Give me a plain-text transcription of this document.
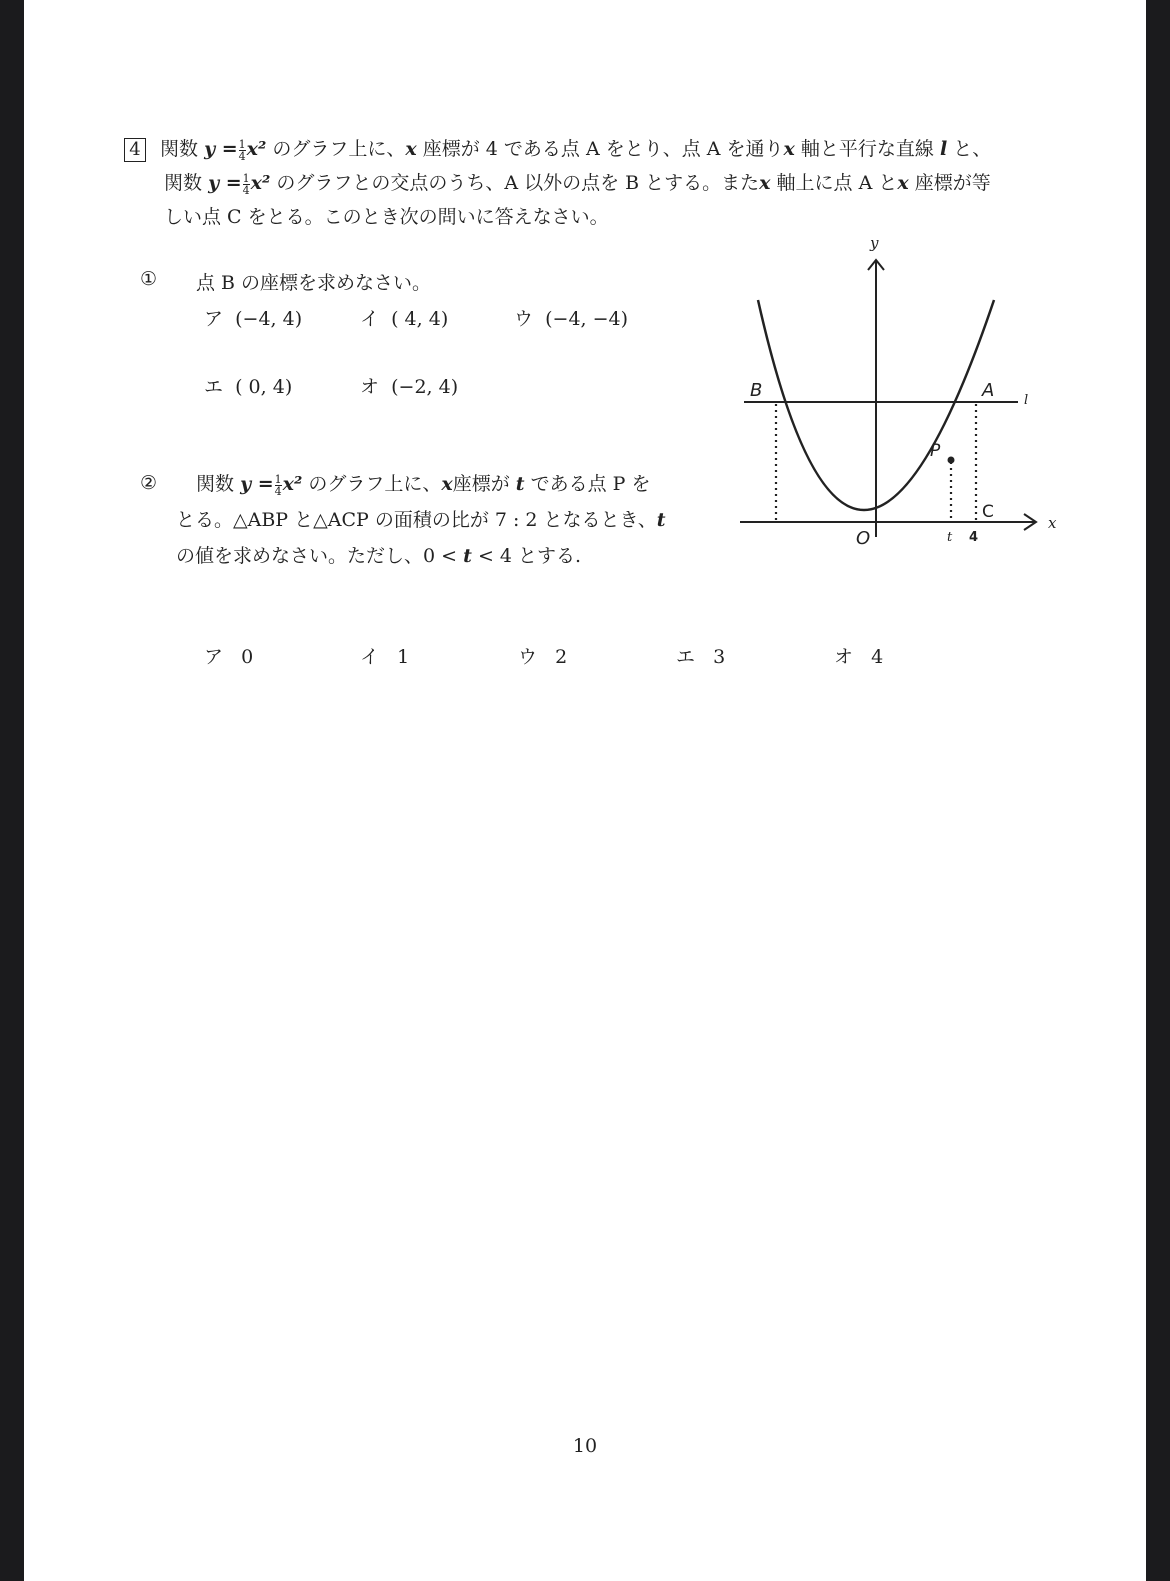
4 関数 $y = \frac{1}{4} x^2$ のグラフ上に、x 座標が 4 である点 A をとり、点 A を通りx 軸と平行な直線 l と、
関数 $y = \frac{1}{4} x^2$ のグラフとの交点のうち、A 以外の点を B とする。またx 軸上に点 A とx 座標が等
しい点 C をとる。このとき次の問いに答えなさい。
①	点 B の座標を求めなさい。
ア (−4, 4)	イ ( 4, 4)	ウ (−4, −4)
エ ( 0, 4)	オ (−2, 4)
②	関数 $y = \frac{1}{4} x^2$ のグラフ上に、x座標が t である点 P を
とる。△ABP と△ACP の面積の比が 7 : 2 となるとき、t
の値を求めなさい。ただし、0 < t < 4 とする.
ア 0	イ 1	ウ 2	エ 3	オ 4
y
x
O
B	A l
P
C
t 4
10
